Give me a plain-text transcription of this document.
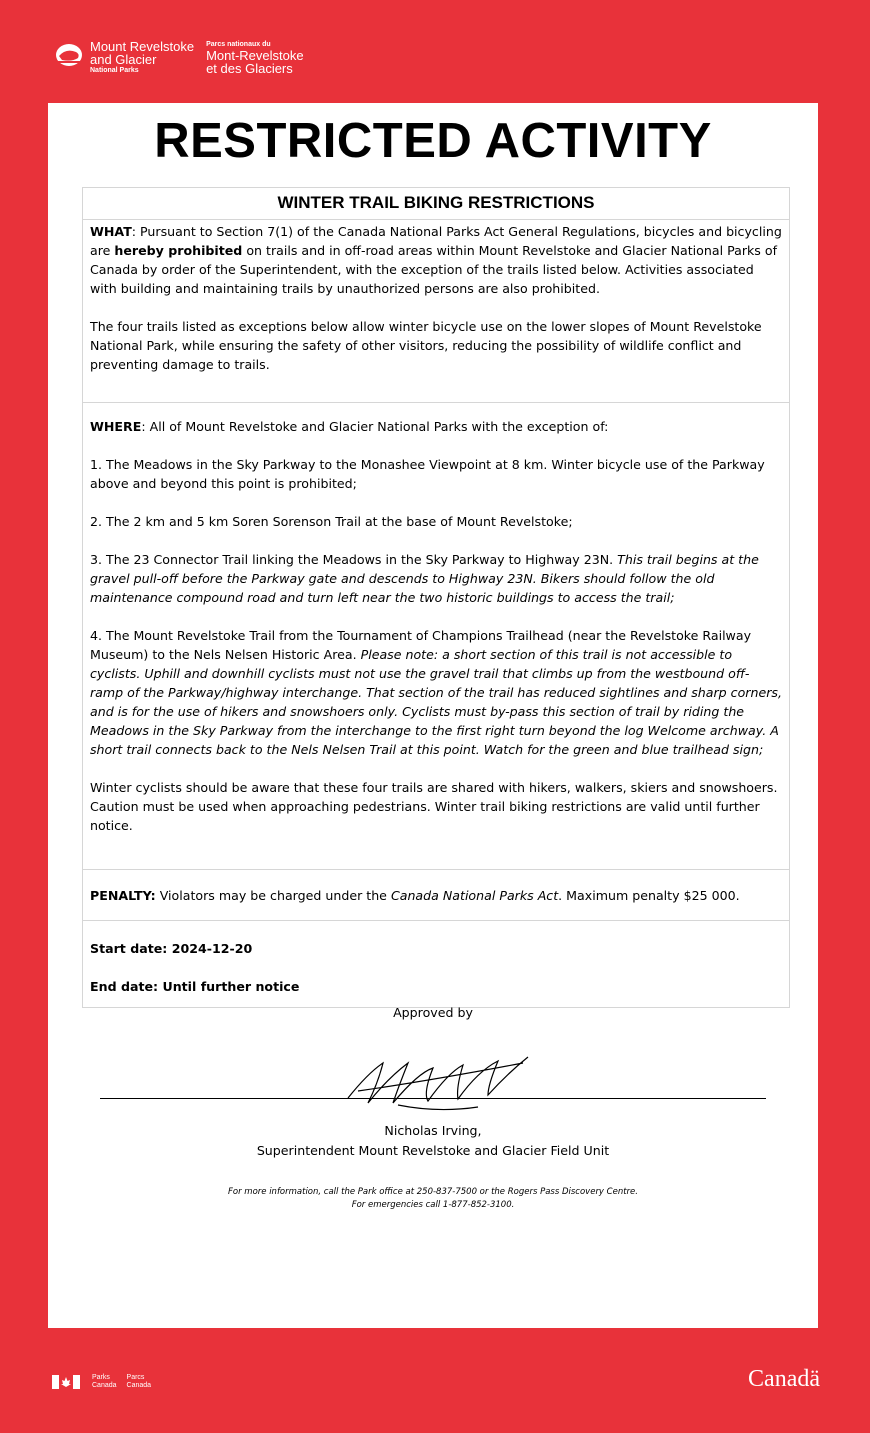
Mount Revelstoke
and Glacier
National Parks
Parcs nationaux du
Mont-Revelstoke
et des Glaciers
RESTRICTED ACTIVITY
WINTER TRAIL BIKING RESTRICTIONS

WHAT: Pursuant to Section 7(1) of the Canada National Parks Act General Regulations, bicycles and bicycling are hereby prohibited on trails and in off-road areas within Mount Revelstoke and Glacier National Parks of Canada by order of the Superintendent, with the exception of the trails listed below. Activities associated with building and maintaining trails by unauthorized persons are also prohibited.

The four trails listed as exceptions below allow winter bicycle use on the lower slopes of Mount Revelstoke National Park, while ensuring the safety of other visitors, reducing the possibility of wildlife conflict and preventing damage to trails.

WHERE: All of Mount Revelstoke and Glacier National Parks with the exception of:

1. The Meadows in the Sky Parkway to the Monashee Viewpoint at 8 km. Winter bicycle use of the Parkway above and beyond this point is prohibited;

2. The 2 km and 5 km Soren Sorenson Trail at the base of Mount Revelstoke;

3. The 23 Connector Trail linking the Meadows in the Sky Parkway to Highway 23N. This trail begins at the gravel pull-off before the Parkway gate and descends to Highway 23N. Bikers should follow the old maintenance compound road and turn left near the two historic buildings to access the trail;

4. The Mount Revelstoke Trail from the Tournament of Champions Trailhead (near the Revelstoke Railway Museum) to the Nels Nelsen Historic Area. Please note: a short section of this trail is not accessible to cyclists. Uphill and downhill cyclists must not use the gravel trail that climbs up from the westbound off-ramp of the Parkway/highway interchange. That section of the trail has reduced sightlines and sharp corners, and is for the use of hikers and snowshoers only. Cyclists must by-pass this section of trail by riding the Meadows in the Sky Parkway from the interchange to the first right turn beyond the log Welcome archway. A short trail connects back to the Nels Nelsen Trail at this point. Watch for the green and blue trailhead sign;

Winter cyclists should be aware that these four trails are shared with hikers, walkers, skiers and snowshoers. Caution must be used when approaching pedestrians. Winter trail biking restrictions are valid until further notice.

PENALTY: Violators may be charged under the Canada National Parks Act. Maximum penalty $25 000.

Start date: 2024-12-20

End date: Until further notice

Approved by
Nicholas Irving,
Superintendent Mount Revelstoke and Glacier Field Unit
For more information, call the Park office at 250-837-7500 or the Rogers Pass Discovery Centre.
For emergencies call 1-877-852-3100.
Parks
Canada
Parcs
Canada	Canadä
